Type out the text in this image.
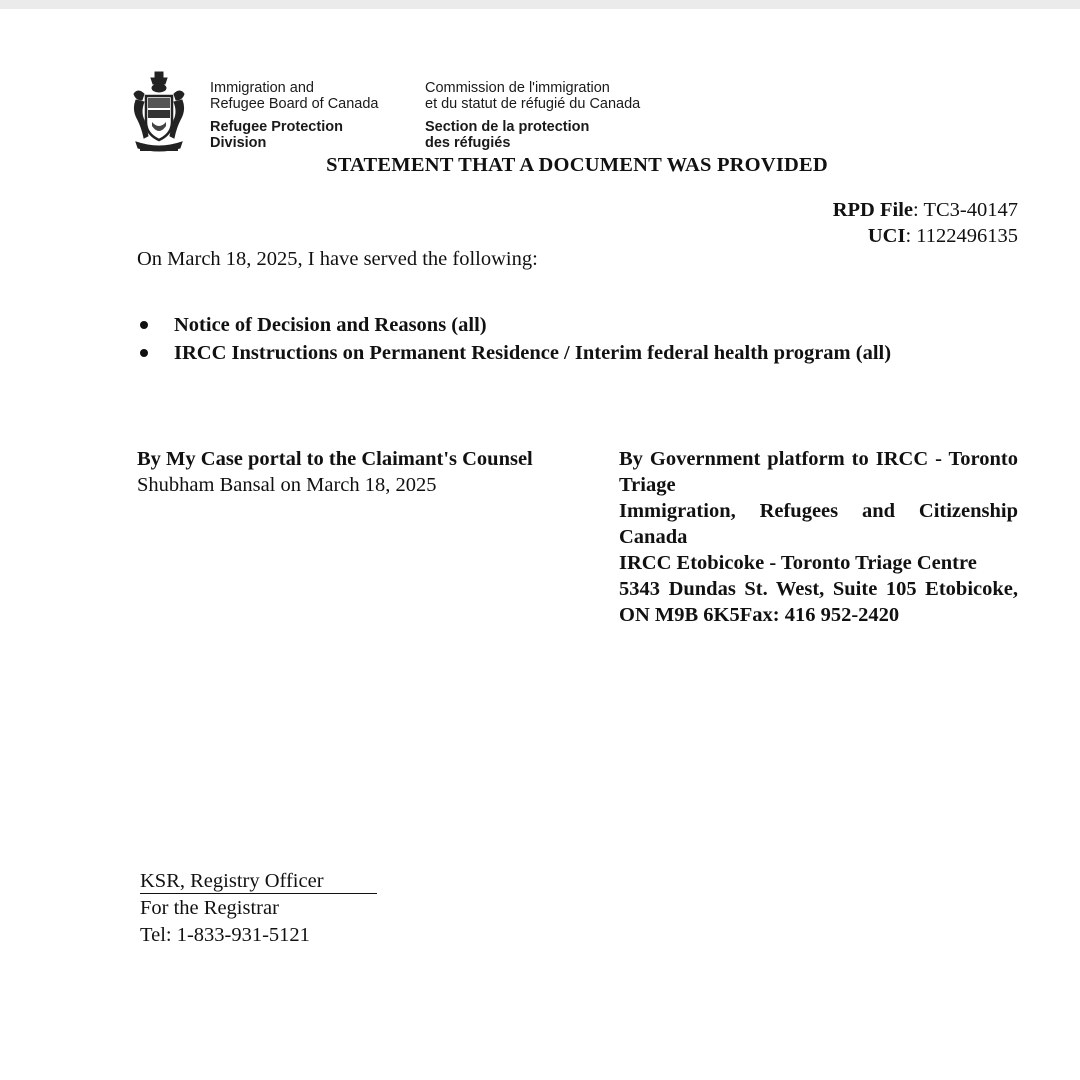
Immigration and
Refugee Board of Canada
Commission de l'immigration
et du statut de réfugié du Canada
Refugee Protection
Division
Section de la protection
des réfugiés
STATEMENT THAT A DOCUMENT WAS PROVIDED
RPD File: TC3-40147
UCI: 1122496135
On March 18, 2025, I have served the following:
Notice of Decision and Reasons (all)
IRCC Instructions on Permanent Residence / Interim federal health program (all)
By My Case portal to the Claimant's Counsel
Shubham Bansal on March 18, 2025
By Government platform to IRCC - Toronto Triage
Immigration, Refugees and Citizenship Canada
IRCC Etobicoke - Toronto Triage Centre
5343 Dundas St. West, Suite 105 Etobicoke, ON M9B 6K5Fax: 416 952-2420
KSR, Registry Officer
For the Registrar
Tel: 1-833-931-5121
